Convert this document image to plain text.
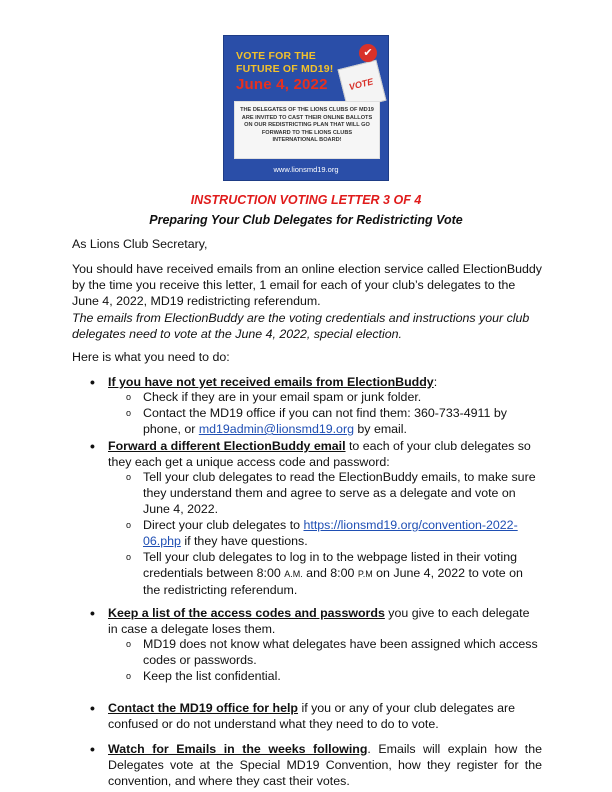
VOTE FOR THE
FUTURE OF MD19!
June 4, 2022 VOTE
✔
THE DELEGATES OF THE LIONS CLUBS OF MD19 ARE INVITED TO CAST THEIR ONLINE BALLOTS ON OUR REDISTRICTING PLAN THAT WILL GO FORWARD TO THE LIONS CLUBS INTERNATIONAL BOARD!
www.lionsmd19.org
INSTRUCTION VOTING LETTER 3 OF 4
Preparing Your Club Delegates for Redistricting Vote

As Lions Club Secretary,

You should have received emails from an online election service called ElectionBuddy by the time you receive this letter, 1 email for each of your club’s delegates to the June 4, 2022, MD19 redistricting referendum.

The emails from ElectionBuddy are the voting credentials and instructions your club delegates need to vote at the June 4, 2022, special election.

Here is what you need to do:

•	If you have not yet received emails from ElectionBuddy:

o Check if they are in your email spam or junk folder.

o Contact the MD19 office if you can not find them: 360-733-4911 by phone, or md19admin@lionsmd19.org by email.

•	Forward a different ElectionBuddy email to each of your club delegates so they each get a unique access code and password:

o Tell your club delegates to read the ElectionBuddy emails, to make sure they understand them and agree to serve as a delegate and vote on June 4, 2022.

o Direct your club delegates to https://lionsmd19.org/convention-2022-06.php if they have questions.

o Tell your club delegates to log in to the webpage listed in their voting credentials between 8:00 A.M. and 8:00 P.M on June 4, 2022 to vote on the redistricting referendum.

•	Keep a list of the access codes and passwords you give to each delegate in case a delegate loses them.

o MD19 does not know what delegates have been assigned which access codes or passwords.

o Keep the list confidential.

•	Contact the MD19 office for help if you or any of your club delegates are confused or do not understand what they need to do to vote.

•	Watch for Emails in the weeks following. Emails will explain how the Delegates vote at the Special MD19 Convention, how they register for the convention, and where they cast their votes.
